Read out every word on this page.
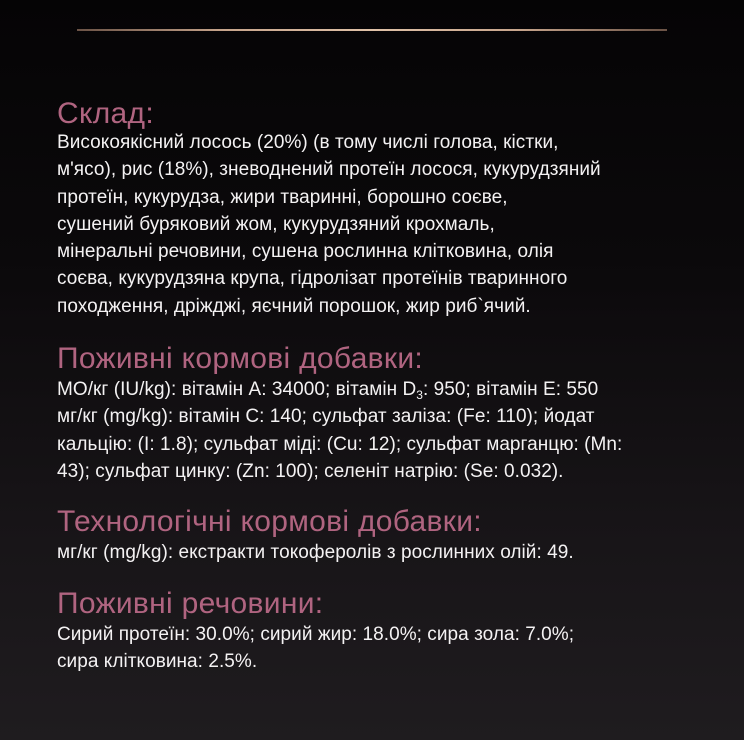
Склад:

Високоякісний лосось (20%) (в тому числі голова, кістки,
м'ясо), рис (18%), зневоднений протеїн лосося, кукурудзяний
протеїн, кукурудза, жири тваринні, борошно соєве,
сушений буряковий жом, кукурудзяний крохмаль,
мінеральні речовини, сушена рослинна клітковина, олія
соєва, кукурудзяна крупа, гідролізат протеїнів тваринного
походження, дріжджі, яєчний порошок, жир риб`ячий.

Поживні кормові добавки:

МО/кг (IU/kg): вітамін А: 34000; вітамін $D_3$: 950; вітамін Е: 550
мг/кг (mg/kg): вітамін С: 140; сульфат заліза: (Fe: 110); йодат
кальцію: (I: 1.8); сульфат міді: (Cu: 12); сульфат марганцю: (Mn:
43); сульфат цинку: (Zn: 100); селеніт натрію: (Se: 0.032).

Технологічні кормові добавки:

мг/кг (mg/kg): екстракти токоферолів з рослинних олій: 49.

Поживні речовини:

Сирий протеїн: 30.0%; сирий жир: 18.0%; сира зола: 7.0%;
сира клітковина: 2.5%.
